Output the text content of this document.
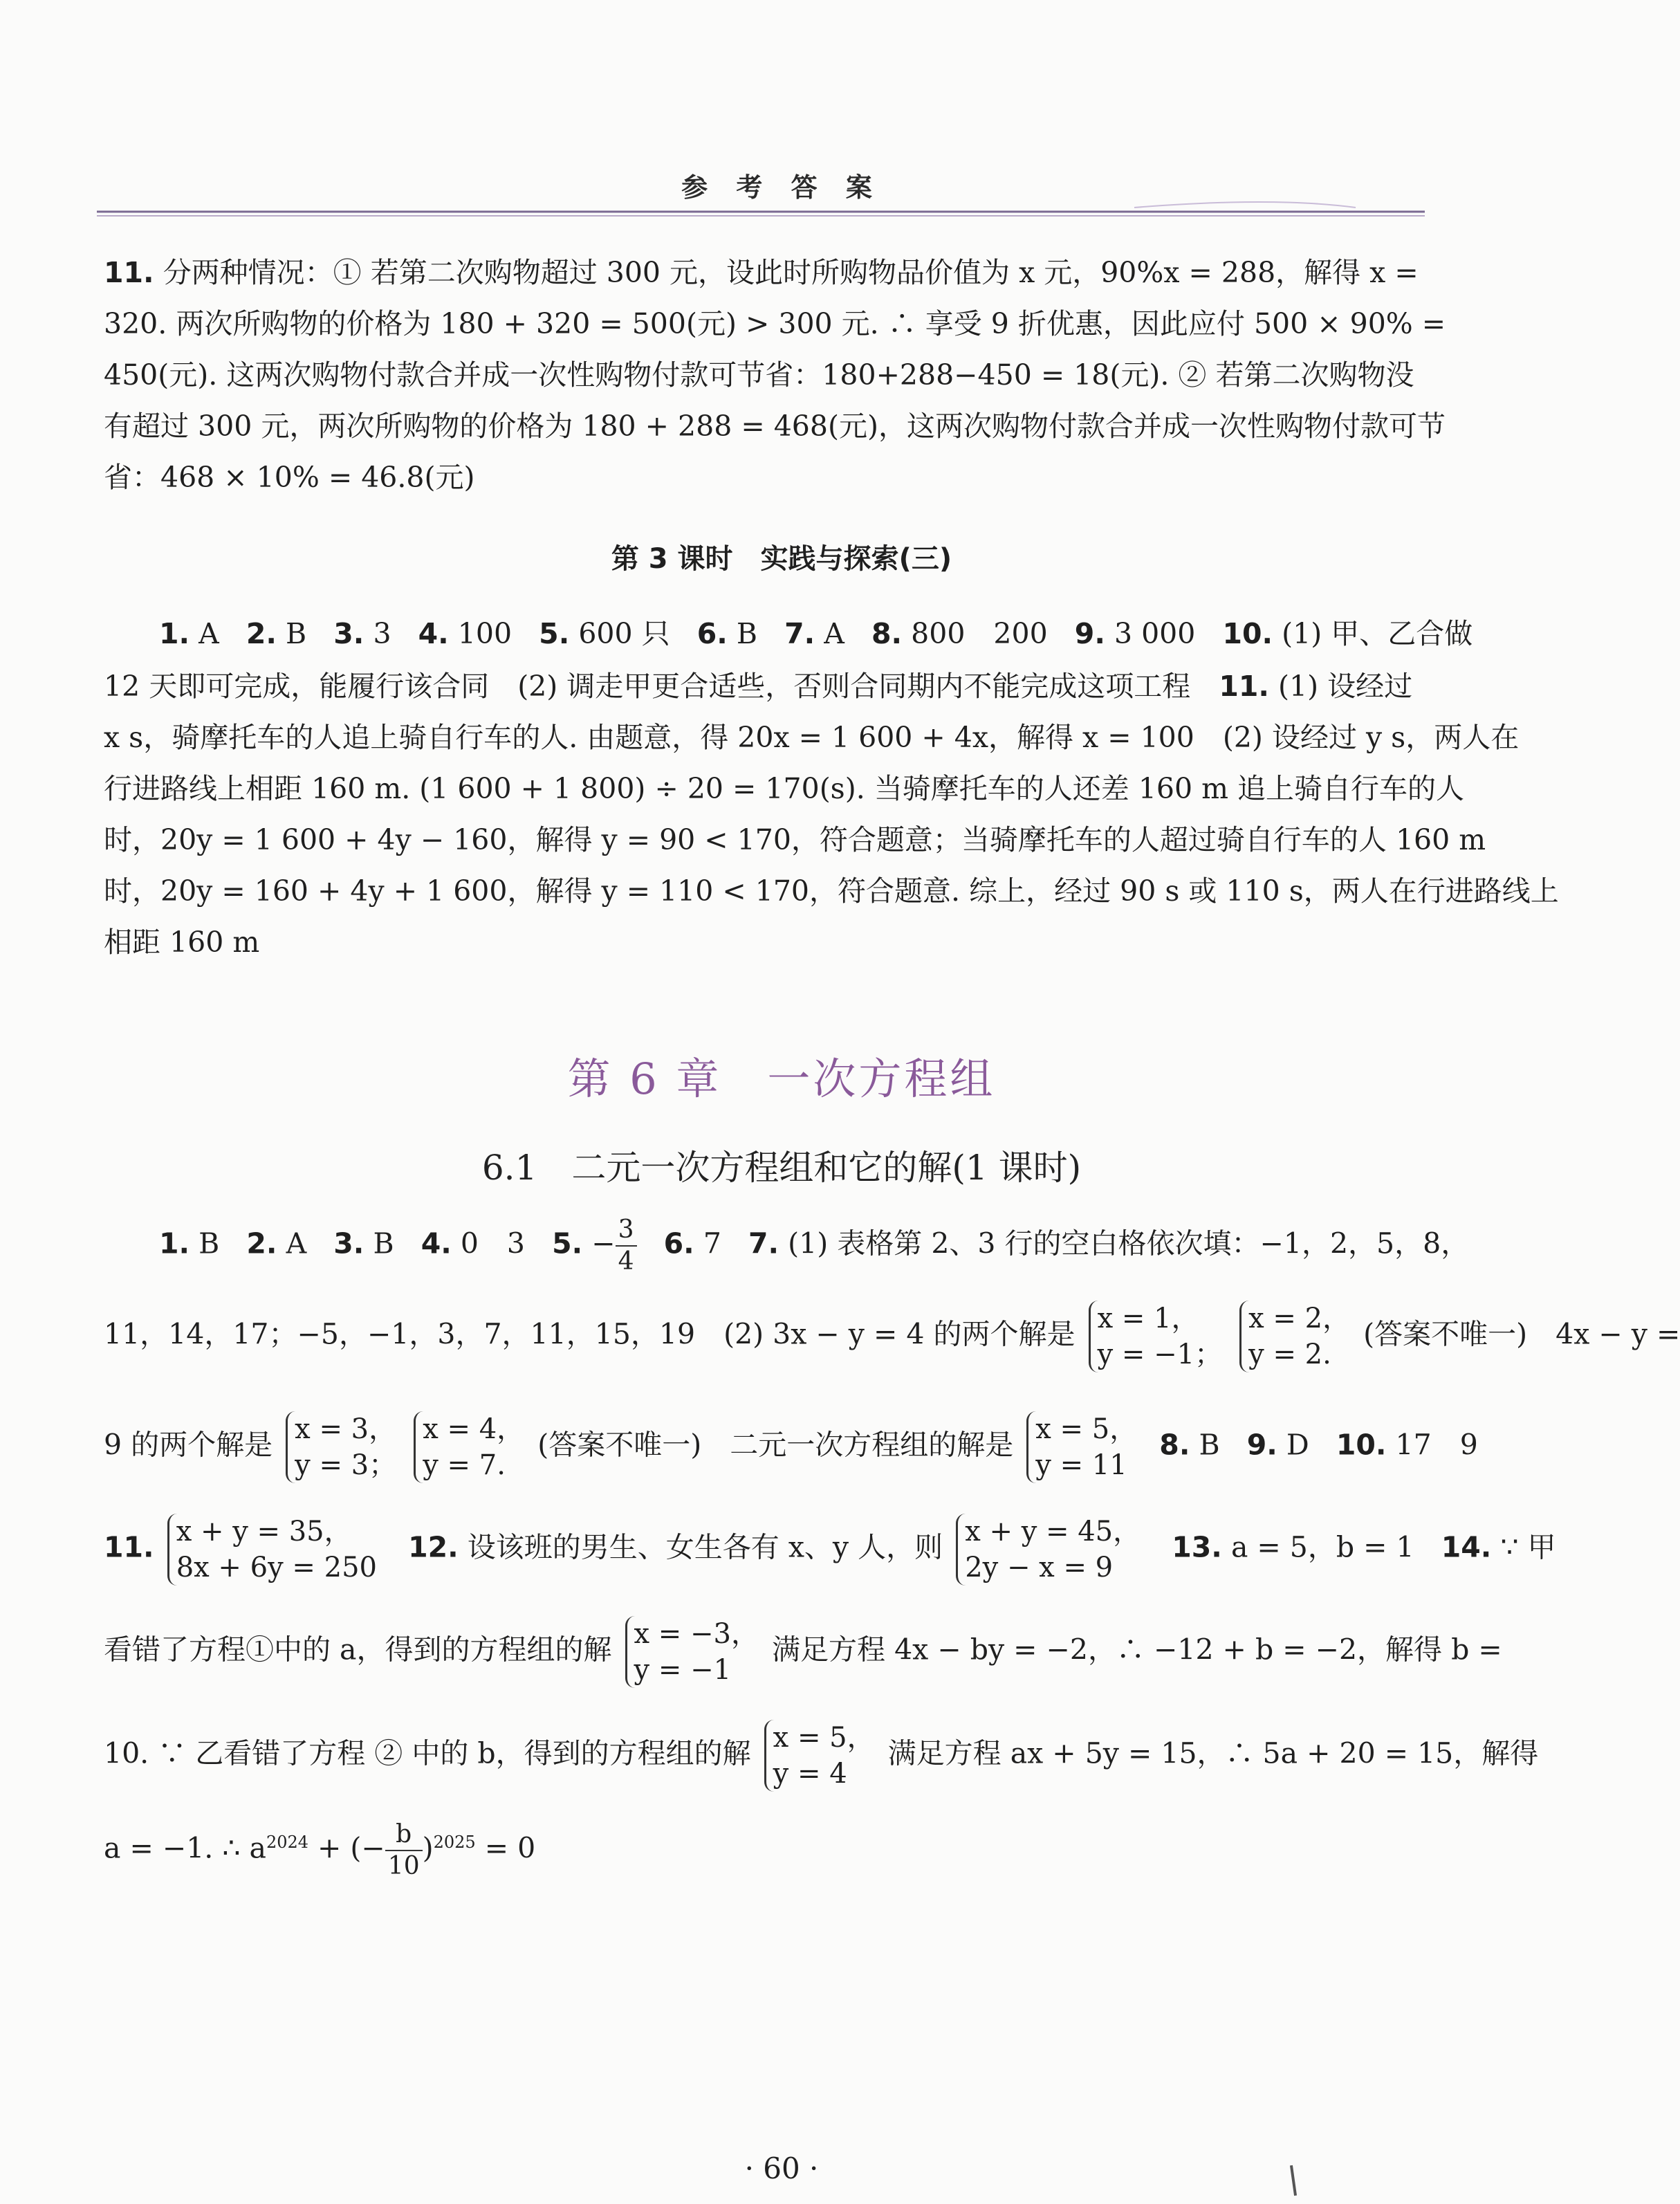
参 考 答 案
11. 分两种情况：① 若第二次购物超过 300 元，设此时所购物品价值为 x 元，90%x = 288，解得 x =
320. 两次所购物的价格为 180 + 320 = 500(元) > 300 元. ∴ 享受 9 折优惠，因此应付 500 × 90% =
450(元). 这两次购物付款合并成一次性购物付款可节省：180+288−450 = 18(元). ② 若第二次购物没
有超过 300 元，两次所购物的价格为 180 + 288 = 468(元)，这两次购物付款合并成一次性购物付款可节
省：468 × 10% = 46.8(元)
第 3 课时　实践与探索(三)
1. A 2. B 3. 3 4. 100 5. 600 只 6. B 7. A 8. 800　200 9. 3 000 10. (1) 甲、乙合做
12 天即可完成，能履行该合同　(2) 调走甲更合适些，否则合同期内不能完成这项工程　11. (1) 设经过
x s，骑摩托车的人追上骑自行车的人. 由题意，得 20x = 1 600 + 4x，解得 x = 100　(2) 设经过 y s，两人在
行进路线上相距 160 m. (1 600 + 1 800) ÷ 20 = 170(s). 当骑摩托车的人还差 160 m 追上骑自行车的人
时，20y = 1 600 + 4y − 160，解得 y = 90 < 170，符合题意；当骑摩托车的人超过骑自行车的人 160 m
时，20y = 160 + 4y + 1 600，解得 y = 110 < 170，符合题意. 综上，经过 90 s 或 110 s，两人在行进路线上
相距 160 m
第 6 章　一次方程组
6.1　二元一次方程组和它的解(1 课时)
1. B 2. A 3. B 4. 0　3 5. − $\frac{3}{4} 6$. 7 7. (1) 表格第 2、3 行的空白格依次填：−1，2，5，8，
11，14，17；−5，−1，3，7，11，15，19　(2) 3x − y = 4 的两个解是 x = 1，
y = −1； x = 2，
y = 2. (答案不唯一)　4x − y =
9 的两个解是 x = 3，
y = 3； x = 4，
y = 7. (答案不唯一)　二元一次方程组的解是 x = 5，
y = 11  8. B 9. D 10. 17　9
11. x + y = 35，
8x + 6y = 250   12. 设该班的男生、女生各有 x、y 人，则 x + y = 45，
2y − x = 9   13. a = 5，b = 1 14. ∵ 甲
看错了方程①中的 a，得到的方程组的解 x = −3，
y = −1 满足方程 4x − by = −2，∴ −12 + b = −2，解得 b =
10. ∵ 乙看错了方程 ② 中的 b，得到的方程组的解 x = 5，
y = 4 满足方程 ax + 5y = 15，∴ 5a + 20 = 15，解得
a = −1. ∴ $a^{2024}$ + (− $\frac{b}{10} )^{2025} = 0$
· 60 ·
